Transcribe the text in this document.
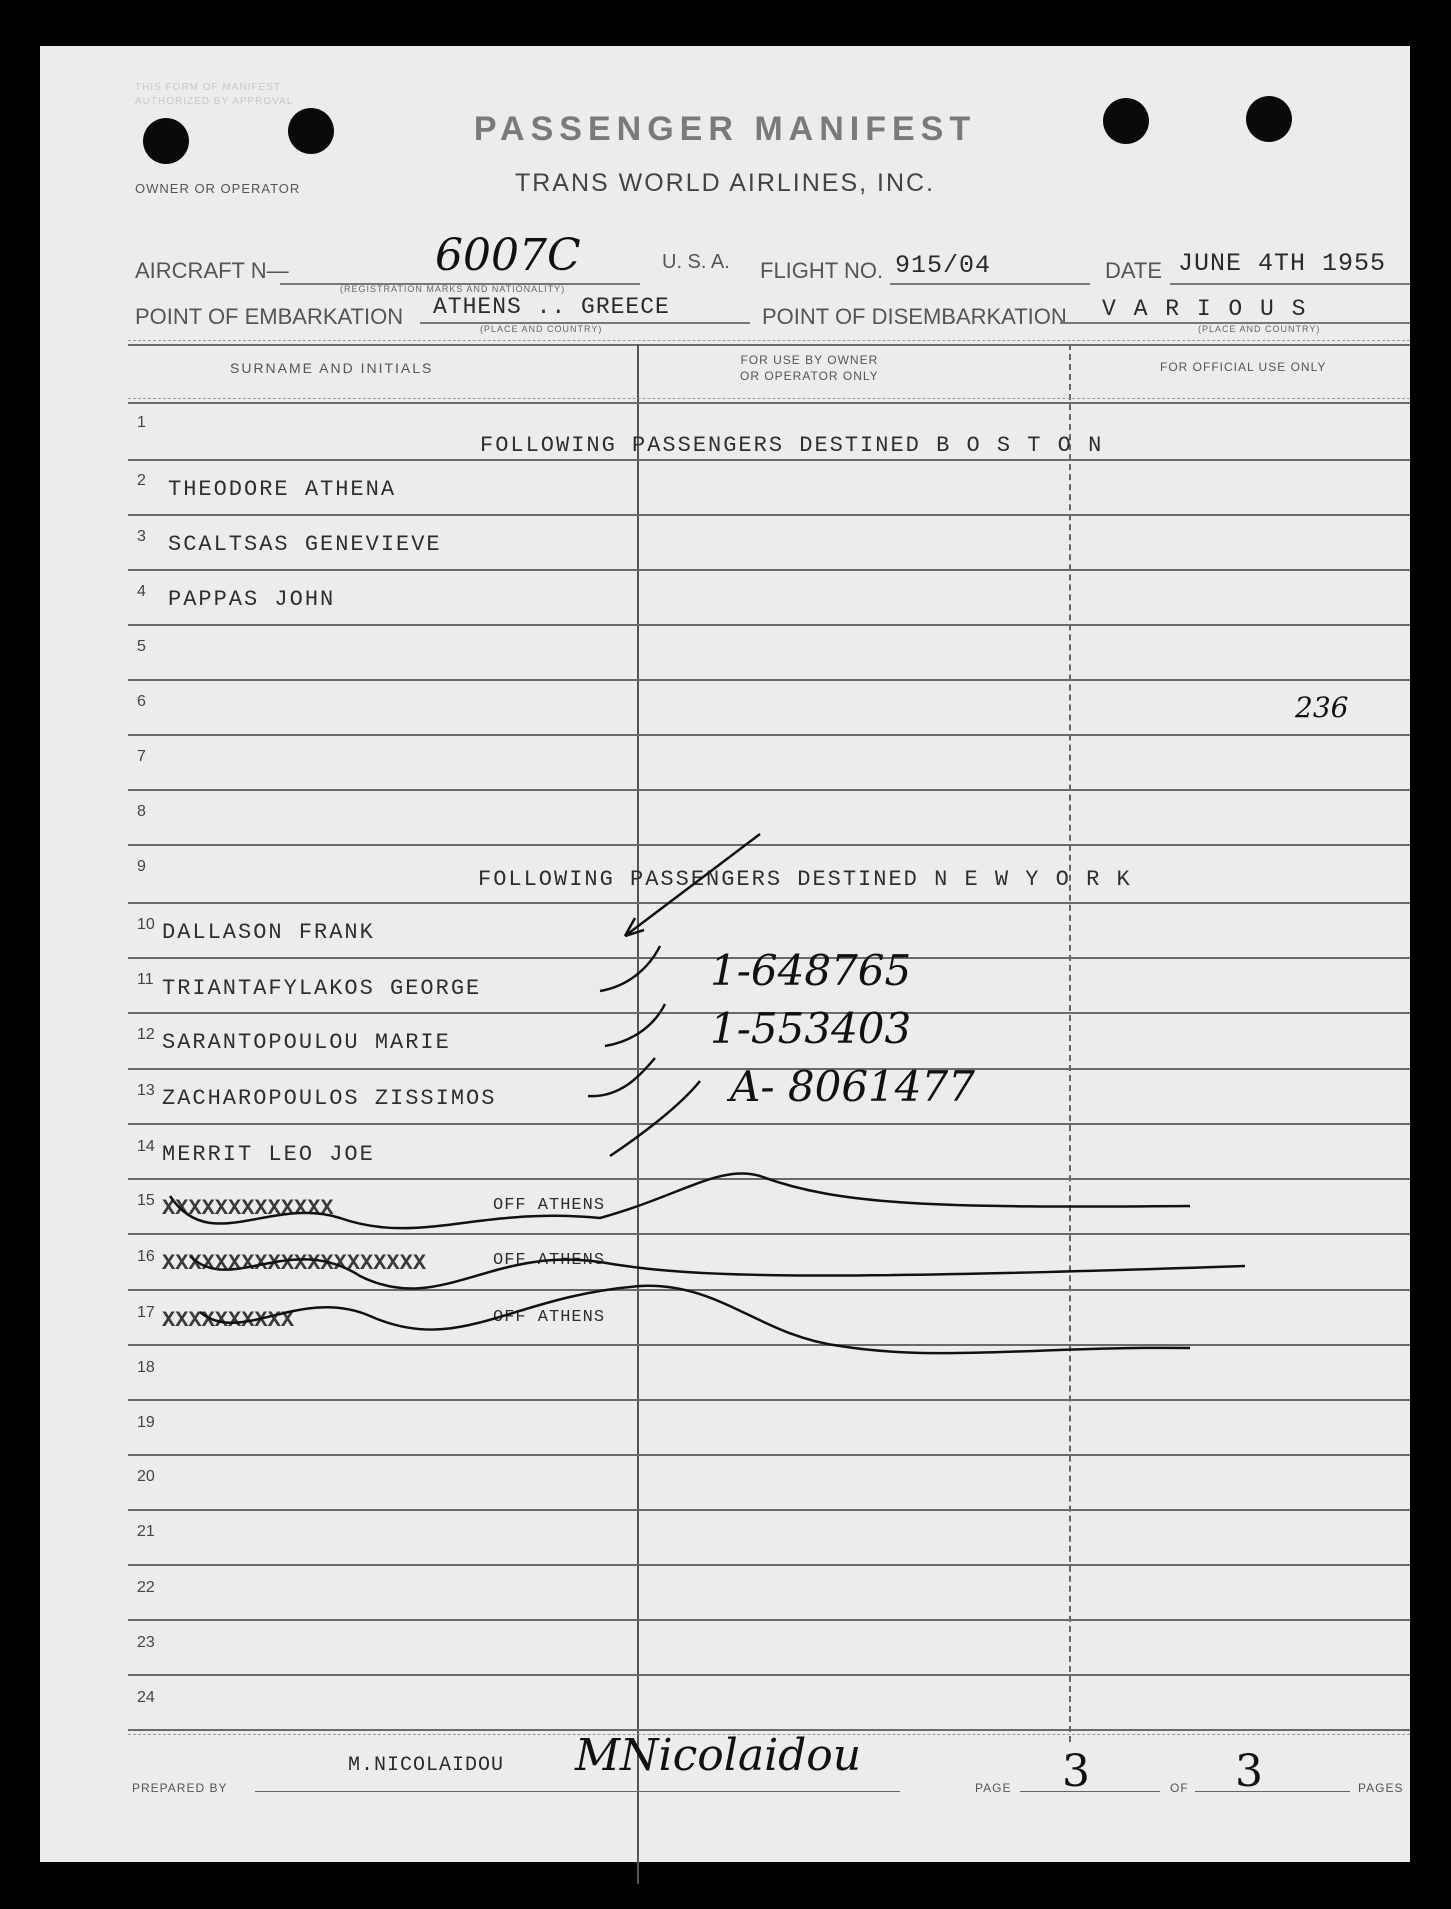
THIS FORM OF MANIFEST
AUTHORIZED BY APPROVAL
PASSENGER MANIFEST
TRANS WORLD AIRLINES, INC.
OWNER OR OPERATOR
AIRCRAFT N—	6007C
(REGISTRATION MARKS AND NATIONALITY)
U. S. A. FLIGHT NO. 915/04	DATE JUNE 4TH 1955
POINT OF EMBARKATION ATHENS .. GREECE
(PLACE AND COUNTRY)	POINT OF DISEMBARKATION V A R I O U S
(PLACE AND COUNTRY)
SURNAME AND INITIALS	FOR USE BY OWNER
OR OPERATOR ONLY
FOR OFFICIAL USE ONLY
1
FOLLOWING PASSENGERS DESTINED B O S T O N
2	THEODORE ATHENA
3	SCALTSAS GENEVIEVE
4	PAPPAS JOHN
5
6	236
7
8
9
FOLLOWING PASSENGERS DESTINED N E W Y O R K
10 DALLASON FRANK
11 TRIANTAFYLAKOS GEORGE	1-648765
12 SARANTOPOULOU MARIE	1-553403
13 ZACHAROPOULOS ZISSIMOS	A- 8061477
14 MERRIT LEO JOE
15 XXXXXXXXXXXXX	OFF ATHENS
16 XXXXXXXXXXXXXXXXXXXX	OFF ATHENS
17 XXXXXXXXXX	OFF ATHENS
18
19
20
21
22
23
24
PREPARED BY
M.NICOLAIDOU MNicolaidou
PAGE 3	OF 3	PAGES
